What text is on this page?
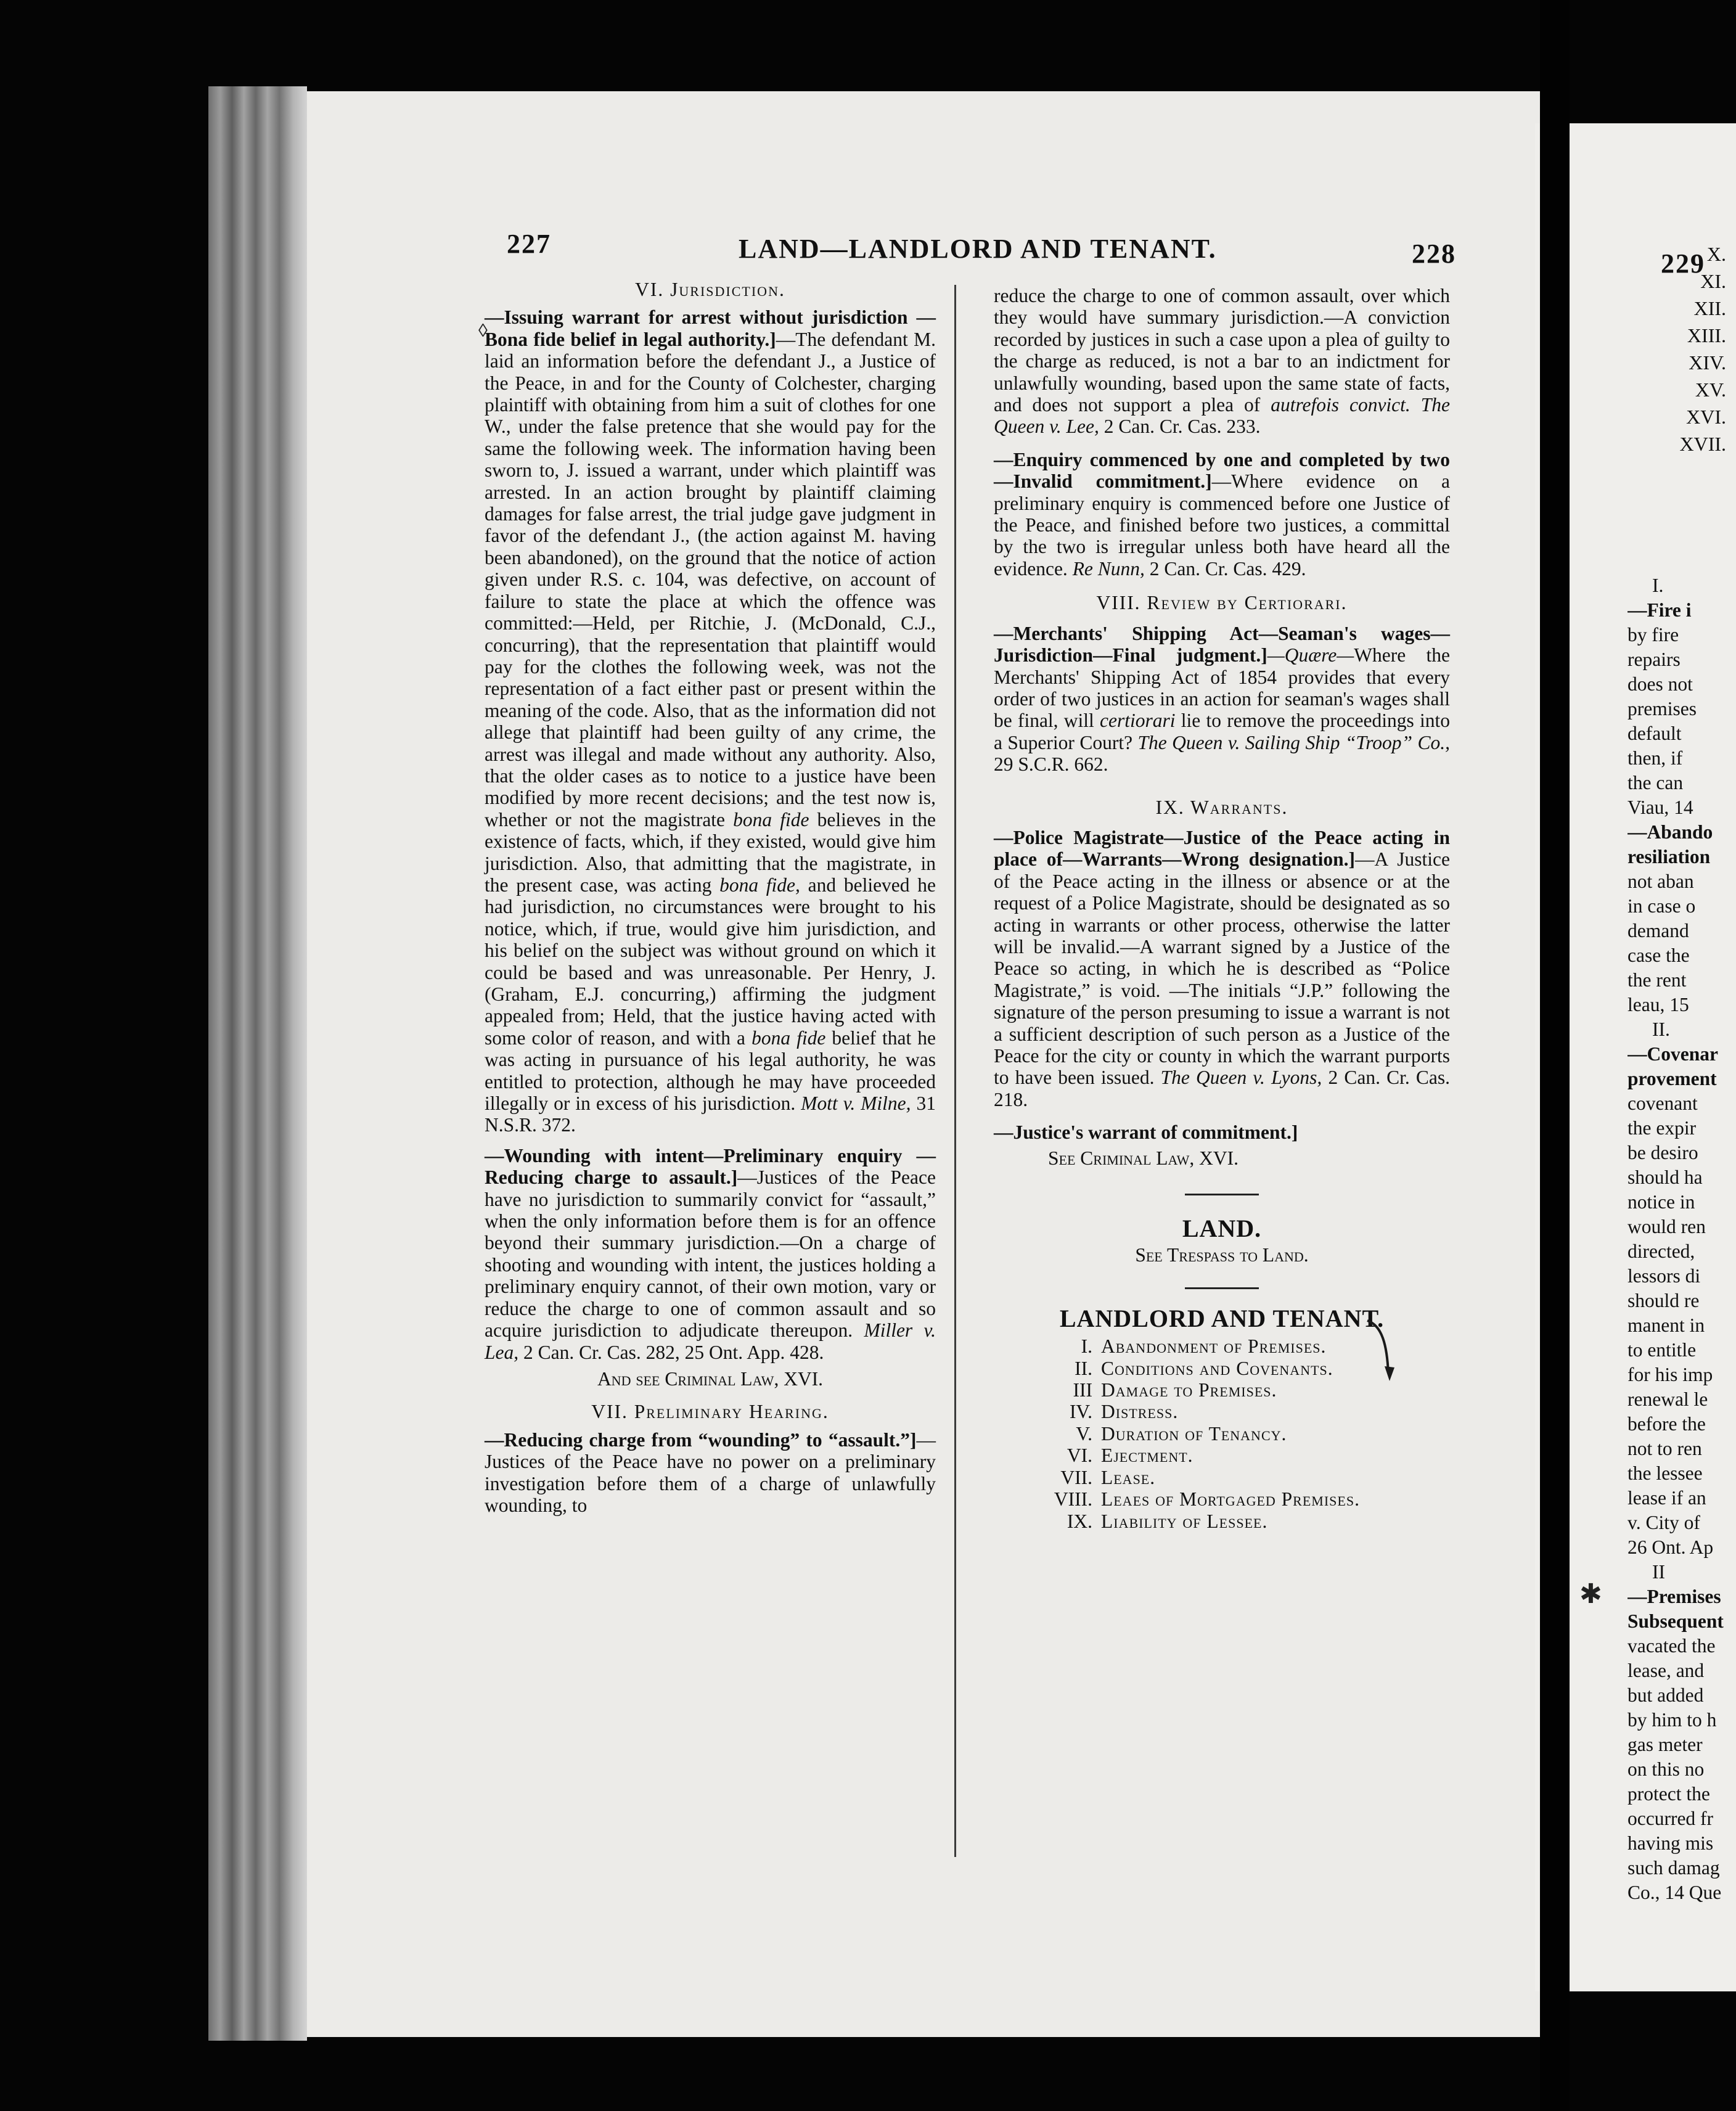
227	LAND—LANDLORD AND TENANT.	228	229

VI. Jurisdiction.

—Issuing warrant for arrest without jurisdiction —Bona fide belief in legal authority.]—The defendant M. laid an information before the defendant J., a Justice of the Peace, in and for the County of Colchester, charging plaintiff with obtaining from him a suit of clothes for one W., under the false pretence that she would pay for the same the following week. The information having been sworn to, J. issued a warrant, under which plaintiff was arrested. In an action brought by plaintiff claiming damages for false arrest, the trial judge gave judgment in favor of the defendant J., (the action against M. having been abandoned), on the ground that the notice of action given under R.S. c. 104, was defective, on account of failure to state the place at which the offence was committed:—Held, per Ritchie, J. (McDonald, C.J., concurring), that the representation that plaintiff would pay for the clothes the following week, was not the representation of a fact either past or present within the meaning of the code. Also, that as the information did not allege that plaintiff had been guilty of any crime, the arrest was illegal and made without any authority. Also, that the older cases as to notice to a justice have been modified by more recent decisions; and the test now is, whether or not the magistrate bona fide believes in the existence of facts, which, if they existed, would give him jurisdiction. Also, that admitting that the magistrate, in the present case, was acting bona fide, and believed he had jurisdiction, no circumstances were brought to his notice, which, if true, would give him jurisdiction, and his belief on the subject was without ground on which it could be based and was unreasonable. Per Henry, J. (Graham, E.J. concurring,) affirming the judgment appealed from; Held, that the justice having acted with some color of reason, and with a bona fide belief that he was acting in pursuance of his legal authority, he was entitled to protection, although he may have proceeded illegally or in excess of his jurisdiction. Mott v. Milne, 31 N.S.R. 372.

—Wounding with intent—Preliminary enquiry —Reducing charge to assault.]—Justices of the Peace have no jurisdiction to summarily convict for “assault,” when the only information before them is for an offence beyond their summary jurisdiction.—On a charge of shooting and wounding with intent, the justices holding a preliminary enquiry cannot, of their own motion, vary or reduce the charge to one of common assault and so acquire jurisdiction to adjudicate thereupon. Miller v. Lea, 2 Can. Cr. Cas. 282, 25 Ont. App. 428.

And see Criminal Law, XVI.

VII. Preliminary Hearing.

—Reducing charge from “wounding” to “assault.”]—Justices of the Peace have no power on a preliminary investigation before them of a charge of unlawfully wounding, to

reduce the charge to one of common assault, over which they would have summary jurisdiction.—A conviction recorded by justices in such a case upon a plea of guilty to the charge as reduced, is not a bar to an indictment for unlawfully wounding, based upon the same state of facts, and does not support a plea of autrefois convict. The Queen v. Lee, 2 Can. Cr. Cas. 233.

—Enquiry commenced by one and completed by two—Invalid commitment.]—Where evidence on a preliminary enquiry is commenced before one Justice of the Peace, and finished before two justices, a committal by the two is irregular unless both have heard all the evidence. Re Nunn, 2 Can. Cr. Cas. 429.

VIII. Review by Certiorari.

—Merchants' Shipping Act—Seaman's wages—Jurisdiction—Final judgment.]—Quære—Where the Merchants' Shipping Act of 1854 provides that every order of two justices in an action for seaman's wages shall be final, will certiorari lie to remove the proceedings into a Superior Court? The Queen v. Sailing Ship “Troop” Co., 29 S.C.R. 662.

IX. Warrants.

—Police Magistrate—Justice of the Peace acting in place of—Warrants—Wrong designation.]—A Justice of the Peace acting in the illness or absence or at the request of a Police Magistrate, should be designated as so acting in warrants or other process, otherwise the latter will be invalid.—A warrant signed by a Justice of the Peace so acting, in which he is described as “Police Magistrate,” is void. —The initials “J.P.” following the signature of the person presuming to issue a warrant is not a sufficient description of such person as a Justice of the Peace for the city or county in which the warrant purports to have been issued. The Queen v. Lyons, 2 Can. Cr. Cas. 218.

—Justice's warrant of commitment.]

See Criminal Law, XVI.

LAND.

See Trespass to Land.

LANDLORD AND TENANT.

I. Abandonment of Premises.
II. Conditions and Covenants.
III Damage to Premises.
IV. Distress.
V. Duration of Tenancy.
VI. Ejectment.
VII. Lease.
VIII. Leaes of Mortgaged Premises.
IX. Liability of Lessee.
X.
XI.
XII.
XIII.
XIV.
XV.
XVI.
XVII.

I.

—Fire i

by fire

repairs

does not

premises

default

then, if

the can

Viau, 14

—Abando

resiliation

not aban

in case o

demand

case the

the rent

leau, 15

II.

—Covenar

provement

covenant

the expir

be desiro

should ha

notice in

would ren

directed,

lessors di

should re

manent in

to entitle

for his imp

renewal le

before the

not to ren

the lessee

lease if an

v. City of

26 Ont. Ap

II

—Premises

Subsequent

vacated the

lease, and

but added

by him to h

gas meter

on this no

protect the

occurred fr

having mis

such damag

Co., 14 Que

◊
✱
